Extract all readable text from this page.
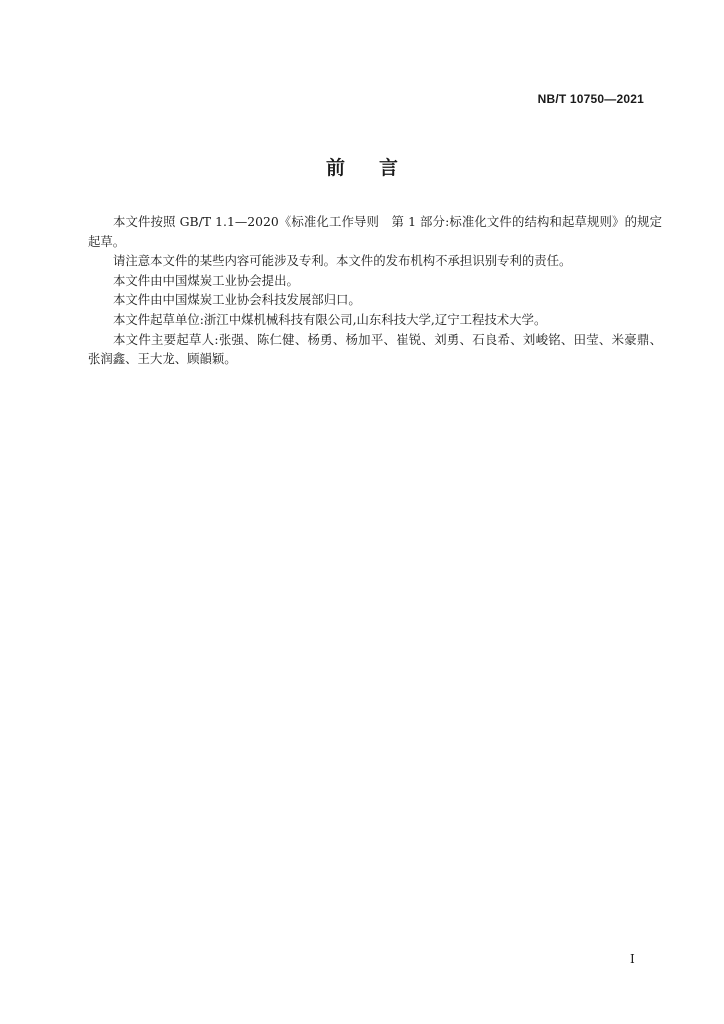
NB/T 10750—2021
前 言

本文件按照 GB/T 1.1—2020《标准化工作导则　第 1 部分:标准化文件的结构和起草规则》的规定起草。

请注意本文件的某些内容可能涉及专利。本文件的发布机构不承担识别专利的责任。

本文件由中国煤炭工业协会提出。

本文件由中国煤炭工业协会科技发展部归口。

本文件起草单位:浙江中煤机械科技有限公司,山东科技大学,辽宁工程技术大学。

本文件主要起草人:张强、陈仁健、杨勇、杨加平、崔锐、刘勇、石良希、刘峻铭、田莹、米豪鼎、张润鑫、王大龙、顾韻颖。

I
